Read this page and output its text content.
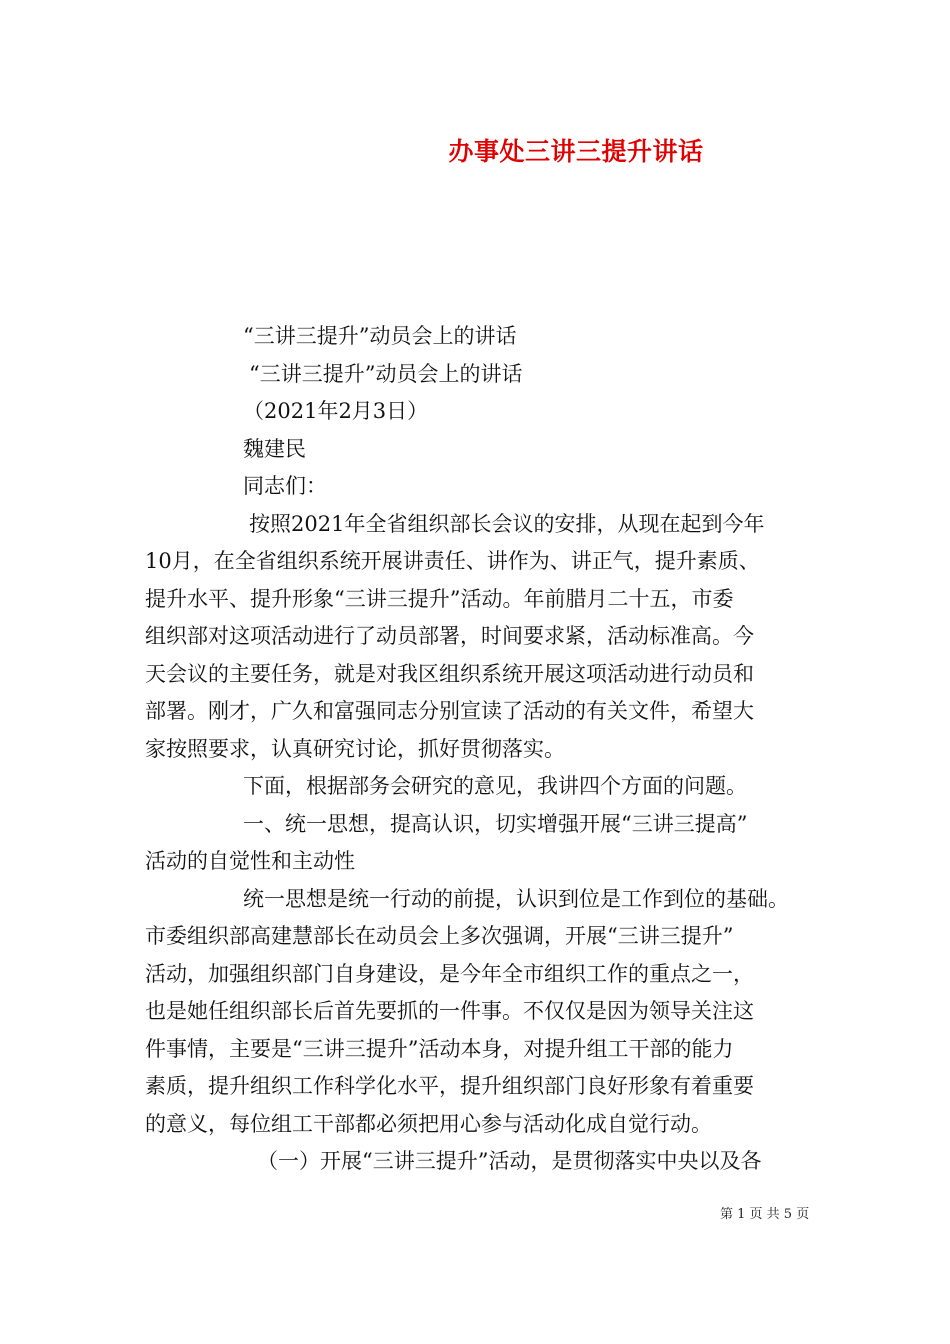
办事处三讲三提升讲话
“三讲三提升”动员会上的讲话
“三讲三提升”动员会上的讲话
（2021年2月3日）
魏建民
同志们：
按照2021年全省组织部长会议的安排，从现在起到今年
10月，在全省组织系统开展讲责任、讲作为、讲正气，提升素质、
提升水平、提升形象“三讲三提升”活动。年前腊月二十五，市委
组织部对这项活动进行了动员部署，时间要求紧，活动标准高。今
天会议的主要任务，就是对我区组织系统开展这项活动进行动员和
部署。刚才，广久和富强同志分别宣读了活动的有关文件，希望大
家按照要求，认真研究讨论，抓好贯彻落实。
下面，根据部务会研究的意见，我讲四个方面的问题。
一、统一思想，提高认识，切实增强开展“三讲三提高”
活动的自觉性和主动性
统一思想是统一行动的前提，认识到位是工作到位的基础。
市委组织部高建慧部长在动员会上多次强调，开展“三讲三提升”
活动，加强组织部门自身建设，是今年全市组织工作的重点之一，
也是她任组织部长后首先要抓的一件事。不仅仅是因为领导关注这
件事情，主要是“三讲三提升”活动本身，对提升组工干部的能力
素质，提升组织工作科学化水平，提升组织部门良好形象有着重要
的意义，每位组工干部都必须把用心参与活动化成自觉行动。
（一）开展“三讲三提升”活动，是贯彻落实中央以及各
第 1 页 共 5 页
